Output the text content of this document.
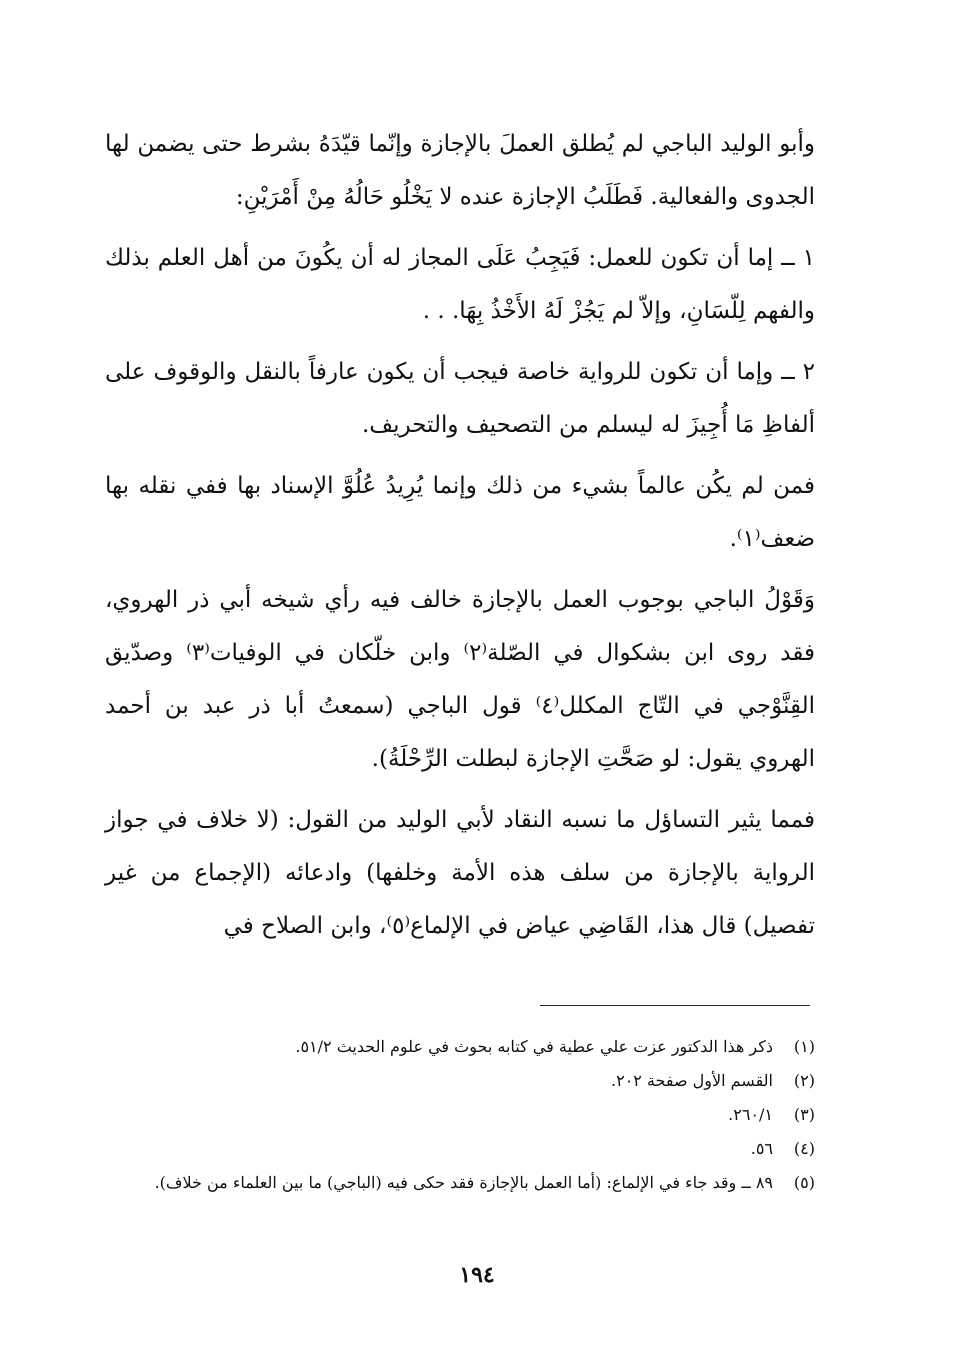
وأبو الوليد الباجي لم يُطلق العملَ بالإجازة وإنّما قيّدَهُ بشرط حتى يضمن لها الجدوى والفعالية. فَطَلَبُ الإجازة عنده لا يَخْلُو حَالُهُ مِنْ أَمْرَيْنِ:

١ ــ إما أن تكون للعمل: فَيَجِبُ عَلَى المجاز له أن يكُونَ من أهل العلم بذلك والفهم لِلّسَانِ، وإلاّ لم يَجُزْ لَهُ الأَخْذُ بِهَا. . .

٢ ــ وإما أن تكون للرواية خاصة فيجب أن يكون عارفاً بالنقل والوقوف على ألفاظِ مَا أُجِيزَ له ليسلم من التصحيف والتحريف.

فمن لم يكُن عالماً بشيء من ذلك وإنما يُرِيدُ عُلُوَّ الإسناد بها ففي نقله بها ضعف⁽١⁾.

وَقَوْلُ الباجي بوجوب العمل بالإجازة خالف فيه رأي شيخه أبي ذر الهروي، فقد روى ابن بشكوال في الصّلة⁽٢⁾ وابن خلّكان في الوفيات⁽٣⁾ وصدّيق القِنَّوْجي في التّاج المكلل⁽٤⁾ قول الباجي (سمعتُ أبا ذر عبد بن أحمد الهروي يقول: لو صَحَّتِ الإجازة لبطلت الرِّحْلَةُ).

فمما يثير التساؤل ما نسبه النقاد لأبي الوليد من القول: (لا خلاف في جواز الرواية بالإجازة من سلف هذه الأمة وخلفها) وادعائه (الإجماع من غير تفصيل) قال هذا، القَاضِي عياض في الإلماع⁽٥⁾، وابن الصلاح في

(١)
ذكر هذا الدكتور عزت علي عطية في كتابه بحوث في علوم الحديث ٥١/٢.

(٢)
القسم الأول صفحة ٢٠٢.

(٣)
٢٦٠/١.

(٤)
٥٦.

(٥)
٨٩ ــ وقد جاء في الإلماع: (أما العمل بالإجازة فقد حكى فيه (الباجي) ما بين العلماء من خلاف).

١٩٤
